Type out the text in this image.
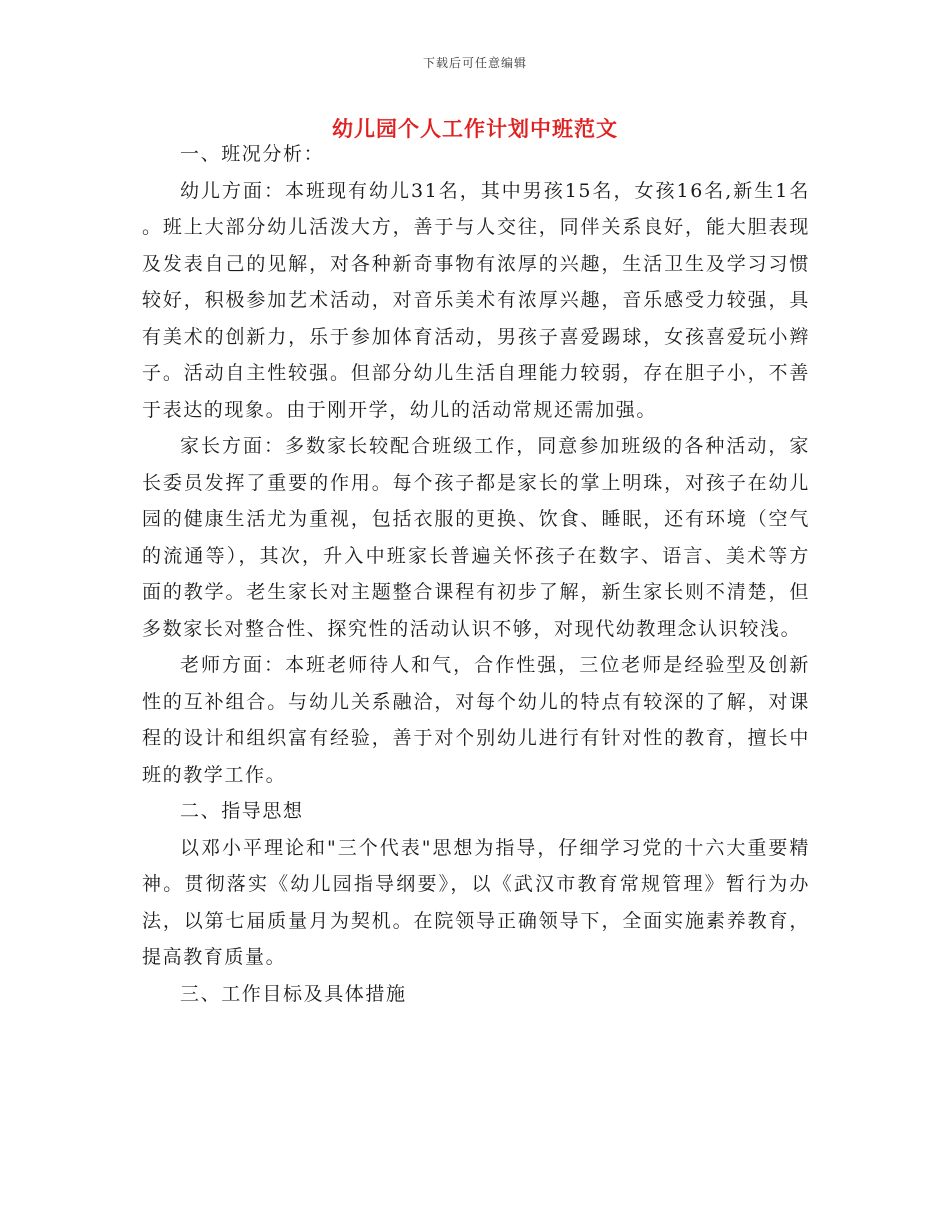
下载后可任意编辑
幼儿园个人工作计划中班范文

一、班况分析：

幼儿方面：本班现有幼儿31名，其中男孩15名，女孩16名,新生1名 。班上大部分幼儿活泼大方，善于与人交往，同伴关系良好，能大胆表现及发表自己的见解，对各种新奇事物有浓厚的兴趣，生活卫生及学习习惯较好，积极参加艺术活动，对音乐美术有浓厚兴趣，音乐感受力较强，具有美术的创新力，乐于参加体育活动，男孩子喜爱踢球，女孩喜爱玩小辫子。活动自主性较强。但部分幼儿生活自理能力较弱，存在胆子小，不善于表达的现象。由于刚开学，幼儿的活动常规还需加强。

家长方面：多数家长较配合班级工作，同意参加班级的各种活动，家长委员发挥了重要的作用。每个孩子都是家长的掌上明珠，对孩子在幼儿园的健康生活尤为重视，包括衣服的更换、饮食、睡眠，还有环境（空气的流通等），其次，升入中班家长普遍关怀孩子在数字、语言、美术等方面的教学。老生家长对主题整合课程有初步了解，新生家长则不清楚，但多数家长对整合性、探究性的活动认识不够，对现代幼教理念认识较浅。

老师方面：本班老师待人和气，合作性强，三位老师是经验型及创新性的互补组合。与幼儿关系融洽，对每个幼儿的特点有较深的了解，对课程的设计和组织富有经验，善于对个别幼儿进行有针对性的教育，擅长中班的教学工作。

二、指导思想

以邓小平理论和"三个代表"思想为指导，仔细学习党的十六大重要精神。贯彻落实《幼儿园指导纲要》，以《武汉市教育常规管理》暂行为办法，以第七届质量月为契机。在院领导正确领导下，全面实施素养教育，提高教育质量。

三、工作目标及具体措施
